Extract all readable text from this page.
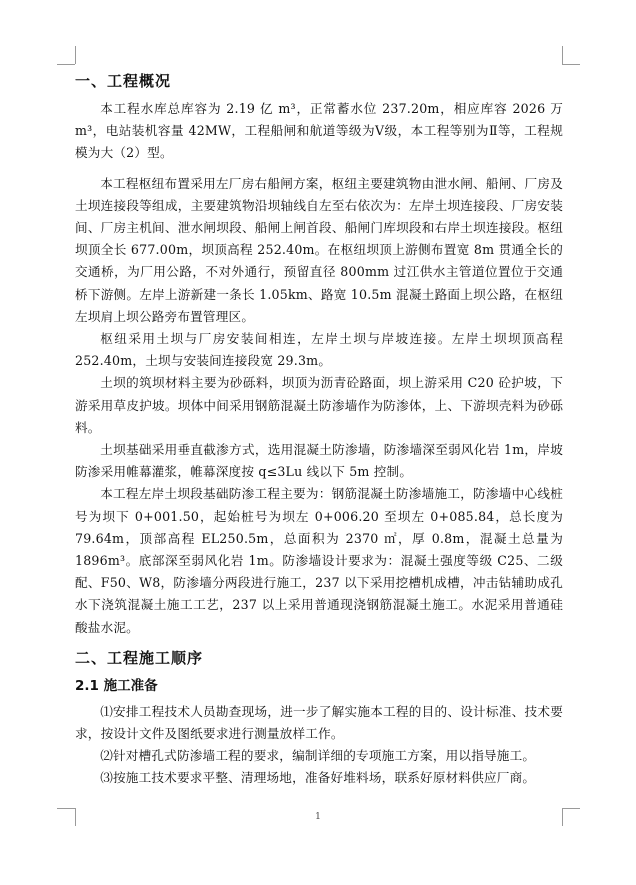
一、工程概况

本工程水库总库容为 2.19 亿 m³，正常蓄水位 237.20m，相应库容 2026 万 m³，电站装机容量 42MW，工程船闸和航道等级为Ⅴ级，本工程等别为Ⅱ等，工程规模为大（2）型。

本工程枢纽布置采用左厂房右船闸方案，枢纽主要建筑物由泄水闸、船闸、厂房及土坝连接段等组成，主要建筑物沿坝轴线自左至右依次为：左岸土坝连接段、厂房安装间、厂房主机间、泄水闸坝段、船闸上闸首段、船闸门库坝段和右岸土坝连接段。枢纽坝顶全长 677.00m，坝顶高程 252.40m。在枢纽坝顶上游侧布置宽 8m 贯通全长的交通桥，为厂用公路，不对外通行，预留直径 800mm 过江供水主管道位置位于交通桥下游侧。左岸上游新建一条长 1.05km、路宽 10.5m 混凝土路面上坝公路，在枢纽左坝肩上坝公路旁布置管理区。

枢纽采用土坝与厂房安装间相连，左岸土坝与岸坡连接。左岸土坝坝顶高程 252.40m，土坝与安装间连接段宽 29.3m。

土坝的筑坝材料主要为砂砾料，坝顶为沥青砼路面，坝上游采用 C20 砼护坡，下游采用草皮护坡。坝体中间采用钢筋混凝土防渗墙作为防渗体，上、下游坝壳料为砂砾料。

土坝基础采用垂直截渗方式，选用混凝土防渗墙，防渗墙深至弱风化岩 1m，岸坡防渗采用帷幕灌浆，帷幕深度按 q≤3Lu 线以下 5m 控制。

本工程左岸土坝段基础防渗工程主要为：钢筋混凝土防渗墙施工，防渗墙中心线桩号为坝下 0+001.50，起始桩号为坝左 0+006.20 至坝左 0+085.84，总长度为 79.64m，顶部高程 EL250.5m，总面积为 2370 ㎡，厚 0.8m，混凝土总量为 1896m³。底部深至弱风化岩 1m。防渗墙设计要求为：混凝土强度等级 C25、二级配、F50、W8，防渗墙分两段进行施工，237 以下采用挖槽机成槽，冲击钻辅助成孔水下浇筑混凝土施工工艺，237 以上采用普通现浇钢筋混凝土施工。水泥采用普通硅酸盐水泥。

二、工程施工顺序
2.1 施工准备

⑴安排工程技术人员勘查现场，进一步了解实施本工程的目的、设计标准、技术要求，按设计文件及图纸要求进行测量放样工作。

⑵针对槽孔式防渗墙工程的要求，编制详细的专项施工方案，用以指导施工。

⑶按施工技术要求平整、清理场地，准备好堆料场，联系好原材料供应厂商。

1
